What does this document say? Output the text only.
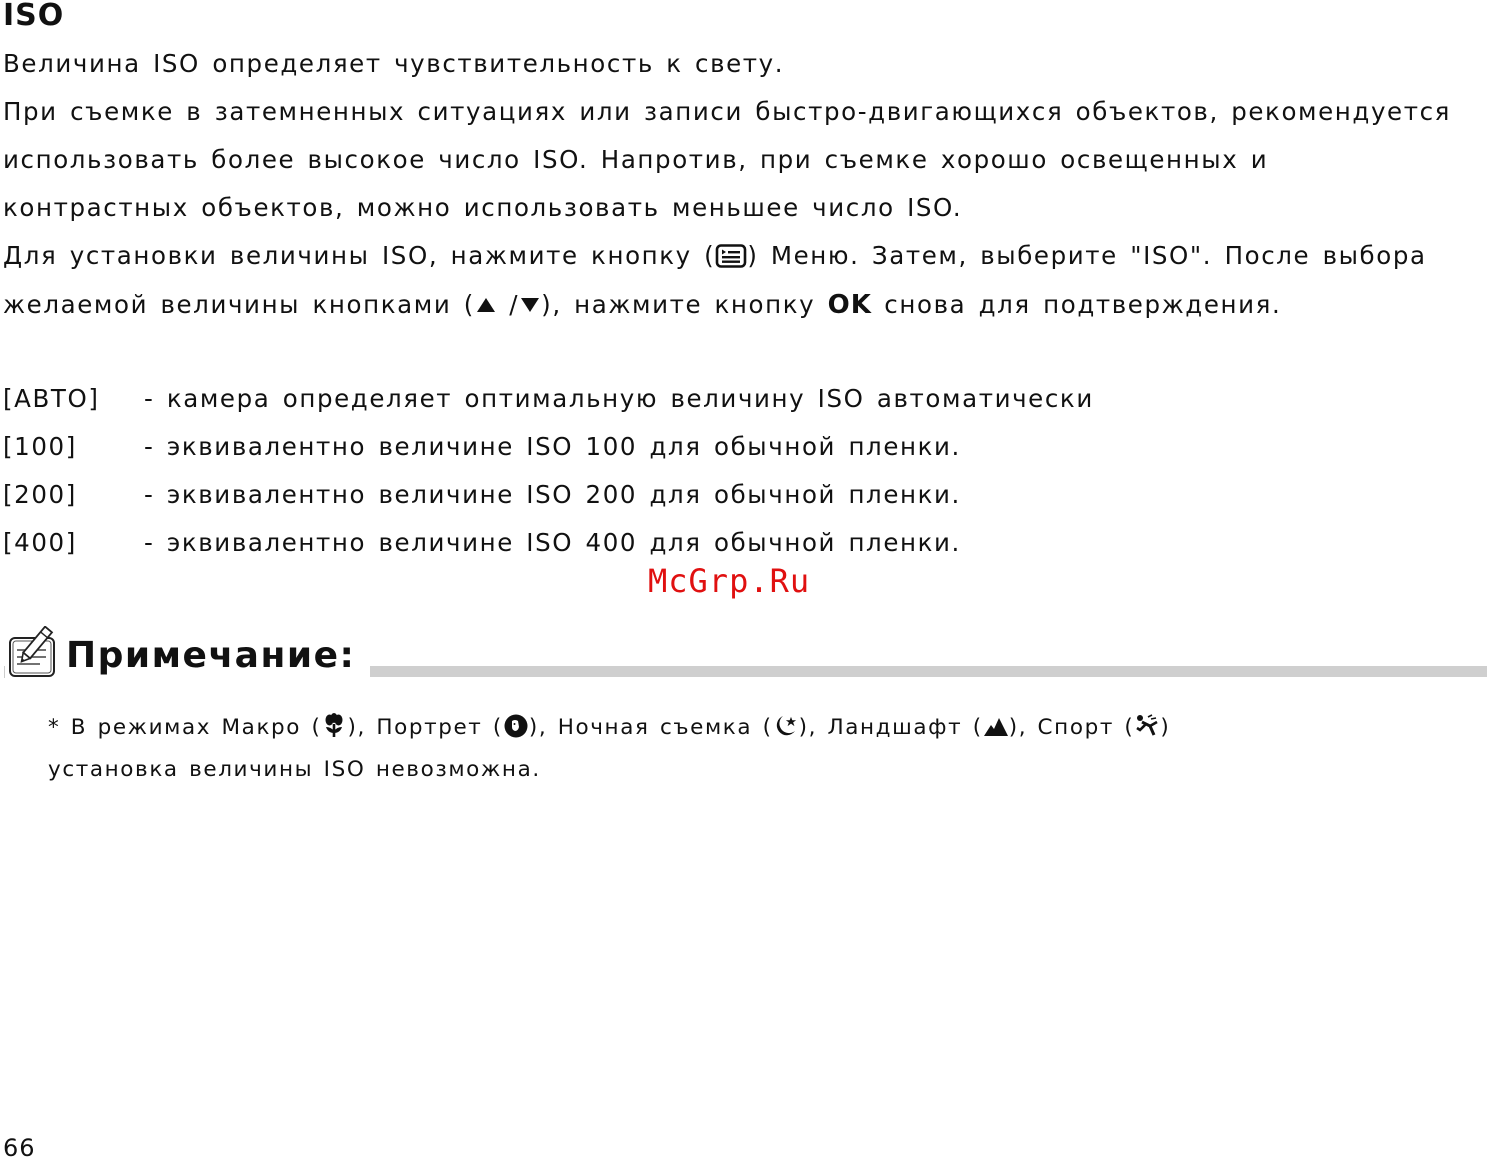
ISO
Величина ISO определяет чувствительность к свету.
При съемке в затемненных ситуациях или записи быстро-двигающихся объектов, рекомендуется
использовать более высокое число ISO. Напротив, при съемке хорошо освещенных и
контрастных объектов, можно использовать меньшее число ISO.
Для установки величины ISO, нажмите кнопку ( ) Меню. Затем, выберите "ISO". После выбора
желаемой величины кнопками ( / ), нажмите кнопку OK снова для подтверждения.
[АВТО] - камера определяет оптимальную величину ISO автоматически
[100]	- эквивалентно величине ISO 100 для обычной пленки.
[200]	- эквивалентно величине ISO 200 для обычной пленки.
[400]	- эквивалентно величине ISO 400 для обычной пленки.
McGrp.Ru
Примечание:
* В режимах Макро ( ), Портрет ( ), Ночная съемка ( ), Ландшафт ( ), Спорт ( )
установка величины ISO невозможна.
66
